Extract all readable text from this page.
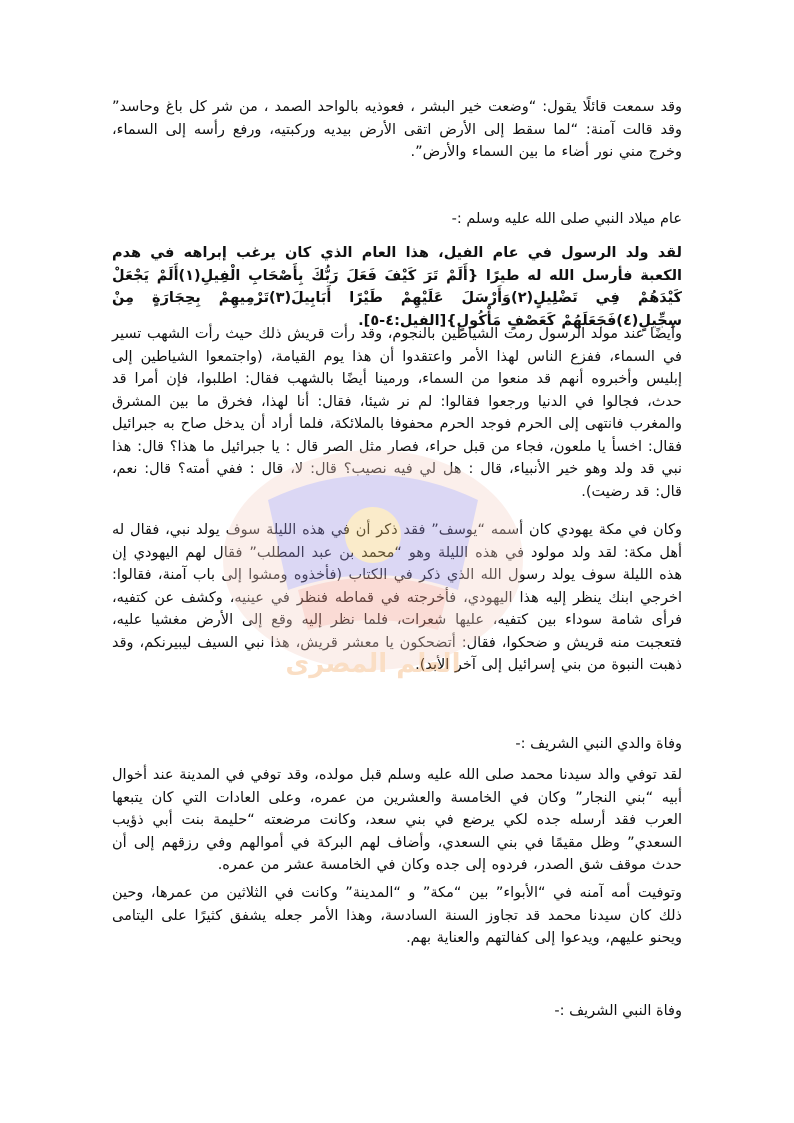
وقد سمعت قائلًا يقول: “وضعت خير البشر ، فعوذيه بالواحد الصمد ، من شر كل باغ وحاسد” وقد قالت آمنة: “لما سقط إلى الأرض اتقى الأرض بيديه وركبتيه، ورفع رأسه إلى السماء، وخرج مني نور أضاء ما بين السماء والأرض”.
عام ميلاد النبي صلى الله عليه وسلم :-
لقد ولد الرسول في عام الفيل، هذا العام الذي كان يرغب إبراهه في هدم الكعبة فأرسل الله له طيرًا {أَلَمْ تَرَ كَيْفَ فَعَلَ رَبُّكَ بِأَصْحَابِ الْفِيلِ(١)أَلَمْ يَجْعَلْ كَيْدَهُمْ فِي تَضْلِيلٍ(٢)وَأَرْسَلَ عَلَيْهِمْ طَيْرًا أَبَابِيلَ(٣)تَرْمِيهِمْ بِحِجَارَةٍ مِنْ سِجِّيلٍ(٤)فَجَعَلَهُمْ كَعَصْفٍ مَأْكُولٍ}[الفيل:٤-٥].
وأيضًا عند مولد الرسول رمت الشياطين بالنجوم، وقد رأت قريش ذلك حيث رأت الشهب تسير في السماء، ففزع الناس لهذا الأمر واعتقدوا أن هذا يوم القيامة، (واجتمعوا الشياطين إلى إبليس وأخبروه أنهم قد منعوا من السماء، ورمينا أيضًا بالشهب فقال: اطلبوا، فإن أمرا قد حدث، فجالوا في الدنيا ورجعوا فقالوا: لم نر شيئا، فقال: أنا لهذا، فخرق ما بين المشرق والمغرب فانتهى إلى الحرم فوجد الحرم محفوفا بالملائكة، فلما أراد أن يدخل صاح به جبرائيل فقال: اخسأ يا ملعون، فجاء من قبل حراء، فصار مثل الصر قال : يا جبرائيل ما هذا؟ قال: هذا نبي قد ولد وهو خير الأنبياء، قال : هل لي فيه نصيب؟ قال: لا، قال : ففي أمته؟ قال: نعم، قال: قد رضيت).
وكان في مكة يهودي كان أسمه “يوسف” فقد ذكر أن في هذه الليلة سوف يولد نبي، فقال له أهل مكة: لقد ولد مولود في هذه الليلة وهو “محمد بن عبد المطلب” فقال لهم اليهودي إن هذه الليلة سوف يولد رسول الله الذي ذكر في الكتاب (فأخذوه ومشوا إلى باب آمنة، فقالوا: اخرجي ابنك ينظر إليه هذا اليهودي، فأخرجته في قماطه فنظر في عينيه، وكشف عن كتفيه، فرأى شامة سوداء بين كتفيه، عليها شعرات، فلما نظر إليه وقع إلى الأرض مغشيا عليه، فتعجبت منه قريش و ضحكوا، فقال: أتضحكون يا معشر قريش، هذا نبي السيف ليبيرنكم، وقد ذهبت النبوة من بني إسرائيل إلى آخر الأبد).
وفاة والدي النبي الشريف :-
لقد توفي والد سيدنا محمد صلى الله عليه وسلم قبل مولده، وقد توفي في المدينة عند أخوال أبيه “بني النجار” وكان في الخامسة والعشرين من عمره، وعلى العادات التي كان يتبعها العرب فقد أرسله جده لكي يرضع في بني سعد، وكانت مرضعته “حليمة بنت أبي ذؤيب السعدي” وظل مقيمًا في بني السعدي، وأضاف لهم البركة في أموالهم وفي رزقهم إلى أن حدث موقف شق الصدر، فردوه إلى جده وكان في الخامسة عشر من عمره.
وتوفيت أمه آمنه في “الأبواء” بين “مكة” و “المدينة” وكانت في الثلاثين من عمرها، وحين ذلك كان سيدنا محمد قد تجاوز السنة السادسة، وهذا الأمر جعله يشفق كثيرًا على اليتامى ويحنو عليهم، ويدعوا إلى كفالتهم والعناية بهم.
وفاة النبي الشريف :-
العلم المصرى
